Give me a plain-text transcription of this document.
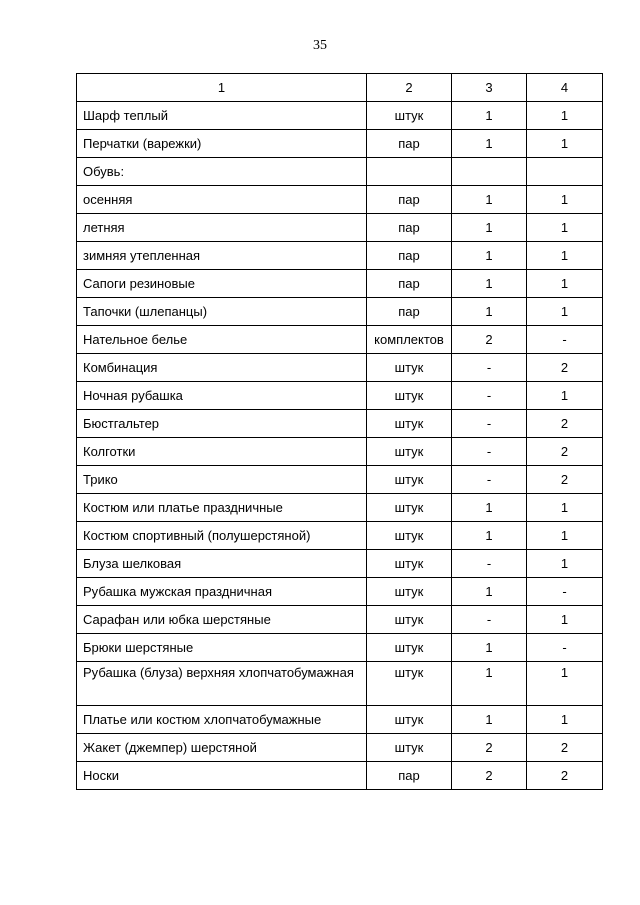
35
1	2	3	4
Шарф теплый	штук	1	1
Перчатки (варежки)	пар	1	1
Обувь:			
осенняя	пар	1	1
летняя	пар	1	1
зимняя утепленная	пар	1	1
Сапоги резиновые	пар	1	1
Тапочки (шлепанцы)	пар	1	1
Нательное белье	комплектов	2	-
Комбинация	штук	-	2
Ночная рубашка	штук	-	1
Бюстгальтер	штук	-	2
Колготки	штук	-	2
Трико	штук	-	2
Костюм или платье праздничные	штук	1	1
Костюм спортивный (полушерстяной)	штук	1	1
Блуза шелковая	штук	-	1
Рубашка мужская праздничная	штук	1	-
Сарафан или юбка шерстяные	штук	-	1
Брюки шерстяные	штук	1	-
Рубашка (блуза) верхняя хлопчатобумажная	штук	1	1
Платье или костюм хлопчатобумажные	штук	1	1
Жакет (джемпер) шерстяной	штук	2	2
Носки	пар	2	2
